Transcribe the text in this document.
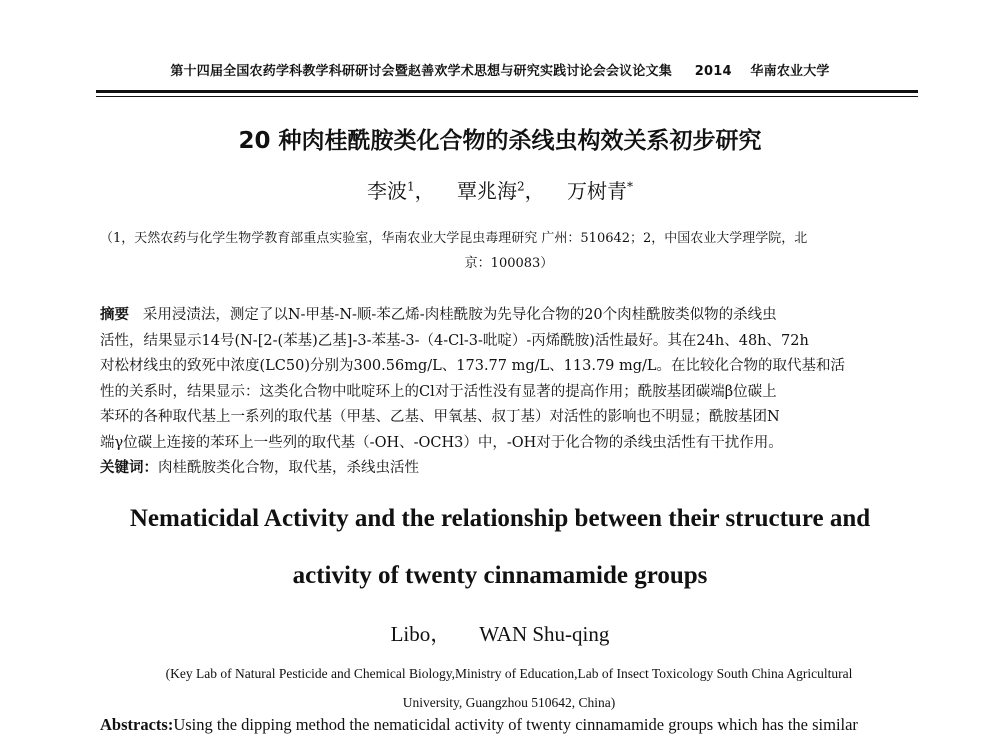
第十四届全国农药学科教学科研研讨会暨赵善欢学术思想与研究实践讨论会会议论文集 2014 华南农业大学
20 种肉桂酰胺类化合物的杀线虫构效关系初步研究
李波$^1$， 覃兆海$^2$， 万树青*
（1，天然农药与化学生物学教育部重点实验室，华南农业大学昆虫毒理研究 广州：510642；2，中国农业大学理学院，北
京：100083）
摘要 采用浸渍法，测定了以N-甲基-N-顺-苯乙烯-肉桂酰胺为先导化合物的20个肉桂酰胺类似物的杀线虫
活性，结果显示14号(N-[2-(苯基)乙基]-3-苯基-3-（4-Cl-3-吡啶）-丙烯酰胺)活性最好。其在24h、48h、72h
对松材线虫的致死中浓度(LC50)分别为300.56mg/L、173.77 mg/L、113.79 mg/L。在比较化合物的取代基和活
性的关系时，结果显示：这类化合物中吡啶环上的Cl对于活性没有显著的提高作用；酰胺基团碳端β位碳上
苯环的各种取代基上一系列的取代基（甲基、乙基、甲氧基、叔丁基）对活性的影响也不明显；酰胺基团N
端γ位碳上连接的苯环上一些列的取代基（-OH、-OCH3）中，-OH对于化合物的杀线虫活性有干扰作用。
关键词：肉桂酰胺类化合物，取代基，杀线虫活性
Nematicidal Activity and the relationship between their structure and
activity of twenty cinnamamide groups
Libo， WAN Shu-qing
(Key Lab of Natural Pesticide and Chemical Biology,Ministry of Education,Lab of Insect Toxicology South China Agricultural
University, Guangzhou 510642, China)
Abstracts:Using the dipping method the nematicidal activity of twenty cinnamamide groups which has the similar
